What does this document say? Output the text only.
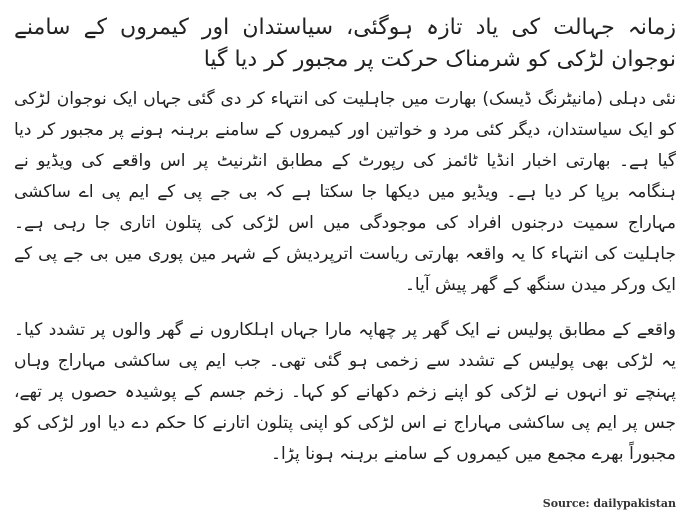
زمانہ جہالت کی یاد تازہ ہوگئی، سیاستدان اور کیمروں کے سامنے نوجوان لڑکی کو شرمناک حرکت پر مجبور کر دیا گیا
نئی دہلی (مانیٹرنگ ڈیسک) بھارت میں جاہلیت کی انتہاء کر دی گئی جہاں ایک نوجوان لڑکی کو ایک سیاستدان، دیگر کئی مرد و خواتین اور کیمروں کے سامنے برہنہ ہونے پر مجبور کر دیا گیا ہے۔ بھارتی اخبار انڈیا ٹائمز کی رپورٹ کے مطابق انٹرنیٹ پر اس واقعے کی ویڈیو نے ہنگامہ برپا کر دیا ہے۔ ویڈیو میں دیکھا جا سکتا ہے کہ بی جے پی کے ایم پی اے ساکشی مہاراج سمیت درجنوں افراد کی موجودگی میں اس لڑکی کی پتلون اتاری جا رہی ہے۔ جاہلیت کی انتہاء کا یہ واقعہ بھارتی ریاست اترپردیش کے شہر مین پوری میں بی جے پی کے ایک ورکر میدن سنگھ کے گھر پیش آیا۔
واقعے کے مطابق پولیس نے ایک گھر پر چھاپہ مارا جہاں اہلکاروں نے گھر والوں پر تشدد کیا۔ یہ لڑکی بھی پولیس کے تشدد سے زخمی ہو گئی تھی۔ جب ایم پی ساکشی مہاراج وہاں پہنچے تو انہوں نے لڑکی کو اپنے زخم دکھانے کو کہا۔ زخم جسم کے پوشیدہ حصوں پر تھے، جس پر ایم پی ساکشی مہاراج نے اس لڑکی کو اپنی پتلون اتارنے کا حکم دے دیا اور لڑکی کو مجبوراً بھرے مجمع میں کیمروں کے سامنے برہنہ ہونا پڑا۔
Source: dailypakistan
